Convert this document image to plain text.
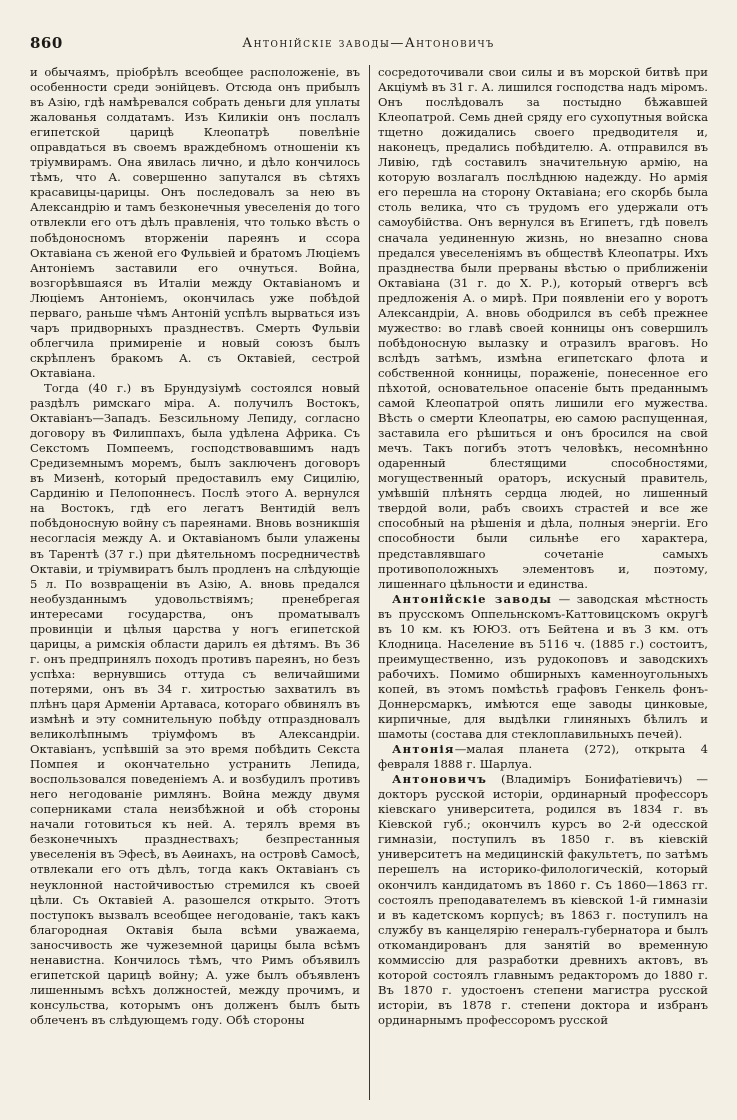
860	Антонійскіе заводы—Антоновичъ

и обычаямъ, пріобрѣлъ всеобщее расположеніе, въ особенности среди эонійцевъ. Отсюда онъ прибылъ въ Азію, гдѣ намѣревался собрать деньги для уплаты жалованья солдатамъ. Изъ Киликіи онъ послалъ египетской царицѣ Клеопатрѣ повелѣніе оправдаться въ своемъ враждебномъ отношеніи къ тріумвирамъ. Она явилась лично, и дѣло кончилось тѣмъ, что А. совершенно запутался въ сѣтяхъ красавицы-царицы. Онъ последовалъ за нею въ Александрію и тамъ безконечныя увеселенія до того отвлекли его отъ дѣлъ правленія, что только вѣсть о побѣдоносномъ вторженіи пареянъ и ссора Октавіана съ женой его Фульвіей и братомъ Люціемъ Антоніемъ заставили его очнуться. Война, возгорѣвшаяся въ Италіи между Октавіаномъ и Люціемъ Антоніемъ, окончилась уже побѣдой перваго, раньше чѣмъ Антоній успѣлъ вырваться изъ чаръ придворныхъ празднествъ. Смерть Фульвіи облегчила примиреніе и новый союзъ былъ скрѣпленъ бракомъ А. съ Октавіей, сестрой Октавіана.

Тогда (40 г.) въ Брундузіумѣ состоялся новый раздѣлъ римскаго міра. А. получилъ Востокъ, Октавіанъ—Западъ. Безсильному Лепиду, согласно договору въ Филиппахъ, была удѣлена Африка. Съ Секстомъ Помпеемъ, господствовавшимъ надъ Средиземнымъ моремъ, былъ заключенъ договоръ въ Мизенѣ, который предоставилъ ему Сицилію, Сардинію и Пелопоннесъ. Послѣ этого А. вернулся на Востокъ, гдѣ его легатъ Вентидій велъ побѣдоносную войну съ пареянами. Вновь возникшія несогласія между А. и Октавіаномъ были улажены въ Тарентѣ (37 г.) при дѣятельномъ посредничествѣ Октавіи, и тріумвиратъ былъ продленъ на слѣдующіе 5 л. По возвращеніи въ Азію, А. вновь предался необузданнымъ удовольствіямъ; пренебрегая интересами государства, онъ проматывалъ провинціи и цѣлыя царства у ногъ египетской царицы, а римскія области дарилъ ея дѣтямъ. Въ 36 г. онъ предпринялъ походъ противъ пареянъ, но безъ успѣха: вернувшись оттуда съ величайшими потерями, онъ въ 34 г. хитростью захватилъ въ плѣнъ царя Арменіи Артаваса, котораго обвинялъ въ измѣнѣ и эту сомнительную побѣду отпраздновалъ великолѣпнымъ тріумфомъ въ Александріи. Октавіанъ, успѣвшій за это время побѣдить Секста Помпея и окончательно устранить Лепида, воспользовался поведеніемъ А. и возбудилъ противъ него негодованіе римлянъ. Война между двумя соперниками стала неизбѣжной и обѣ стороны начали готовиться къ ней. А. терялъ время въ безконечныхъ празднествахъ; безпрестанныя увеселенія въ Эфесѣ, въ Аѳинахъ, на островѣ Самосѣ, отвлекали его отъ дѣлъ, тогда какъ Октавіанъ съ неуклонной настойчивостью стремился къ своей цѣли. Съ Октавіей А. разошелся открыто. Этотъ поступокъ вызвалъ всеобщее негодованіе, такъ какъ благородная Октавія была всѣми уважаема, заносчивость же чужеземной царицы была всѣмъ ненавистна. Кончилось тѣмъ, что Римъ объявилъ египетской царицѣ войну; А. уже былъ объявленъ лишеннымъ всѣхъ должностей, между прочимъ, и консульства, которымъ онъ долженъ былъ быть облеченъ въ слѣдующемъ году. Обѣ стороны

сосредоточивали свои силы и въ морской битвѣ при Акціумѣ въ 31 г. А. лишился господства надъ міромъ. Онъ послѣдовалъ за постыдно бѣжавшей Клеопатрой. Семь дней сряду его сухопутныя войска тщетно дожидались своего предводителя и, наконецъ, предались побѣдителю. А. отправился въ Ливію, гдѣ составилъ значительную армію, на которую возлагалъ послѣднюю надежду. Но армія его перешла на сторону Октавіана; его скорбь была столь велика, что съ трудомъ его удержали отъ самоубійства. Онъ вернулся въ Египетъ, гдѣ повелъ сначала уединенную жизнь, но внезапно снова предался увеселеніямъ въ обществѣ Клеопатры. Ихъ празднества были прерваны вѣстью о приближеніи Октавіана (31 г. до Х. Р.), который отвергъ всѣ предложенія А. о мирѣ. При появленіи его у воротъ Александріи, А. вновь ободрился въ себѣ прежнее мужество: во главѣ своей конницы онъ совершилъ побѣдоносную вылазку и отразилъ враговъ. Но вслѣдъ затѣмъ, измѣна египетскаго флота и собственной конницы, пораженіе, понесенное его пѣхотой, основательное опасеніе быть преданнымъ самой Клеопатрой опять лишили его мужества. Вѣсть о смерти Клеопатры, ею самою распущенная, заставила его рѣшиться и онъ бросился на свой мечъ. Такъ погибъ этотъ человѣкъ, несомнѣнно одаренный блестящими способностями, могущественный ораторъ, искусный правитель, умѣвшій плѣнять сердца людей, но лишенный твердой воли, рабъ своихъ страстей и все же способный на рѣшенія и дѣла, полныя энергіи. Его способности были сильнѣе его характера, представлявшаго сочетаніе самыхъ противоположныхъ элементовъ и, поэтому, лишеннаго цѣльности и единства.

Антонійскіе заводы — заводская мѣстность въ прусскомъ Оппельнскомъ-Каттовицскомъ округѣ въ 10 км. къ ЮЮЗ. отъ Бейтена и въ 3 км. отъ Клодница. Население въ 5116 ч. (1885 г.) состоитъ, преимущественно, изъ рудокоповъ и заводскихъ рабочихъ. Помимо обширныхъ каменноугольныхъ копей, въ этомъ помѣстьѣ графовъ Генкель фонъ-Доннерсмаркъ, имѣются еще заводы цинковые, кирпичные, для выдѣлки глиняныхъ бѣлилъ и шамоты (состава для стеклоплавильныхъ печей).

Антонія—малая планета (272), открыта 4 февраля 1888 г. Шарлуа.

Антоновичъ (Владиміръ Бонифатіевичъ) — докторъ русской исторіи, ординарный профессоръ кіевскаго университета, родился въ 1834 г. въ Кіевской губ.; окончилъ курсъ во 2-й одесской гимназіи, поступилъ въ 1850 г. въ кіевскій университетъ на медицинскій факультетъ, по затѣмъ перешелъ на историко-филологическій, который окончилъ кандидатомъ въ 1860 г. Съ 1860—1863 гг. состоялъ преподавателемъ въ кіевской 1-й гимназіи и въ кадетскомъ корпусѣ; въ 1863 г. поступилъ на службу въ канцелярію генералъ-губернатора и былъ откомандированъ для занятій во временную коммиссію для разработки древнихъ актовъ, въ которой состоялъ главнымъ редакторомъ до 1880 г. Въ 1870 г. удостоенъ степени магистра русской исторіи, въ 1878 г. степени доктора и избранъ ординарнымъ профессоромъ русской
